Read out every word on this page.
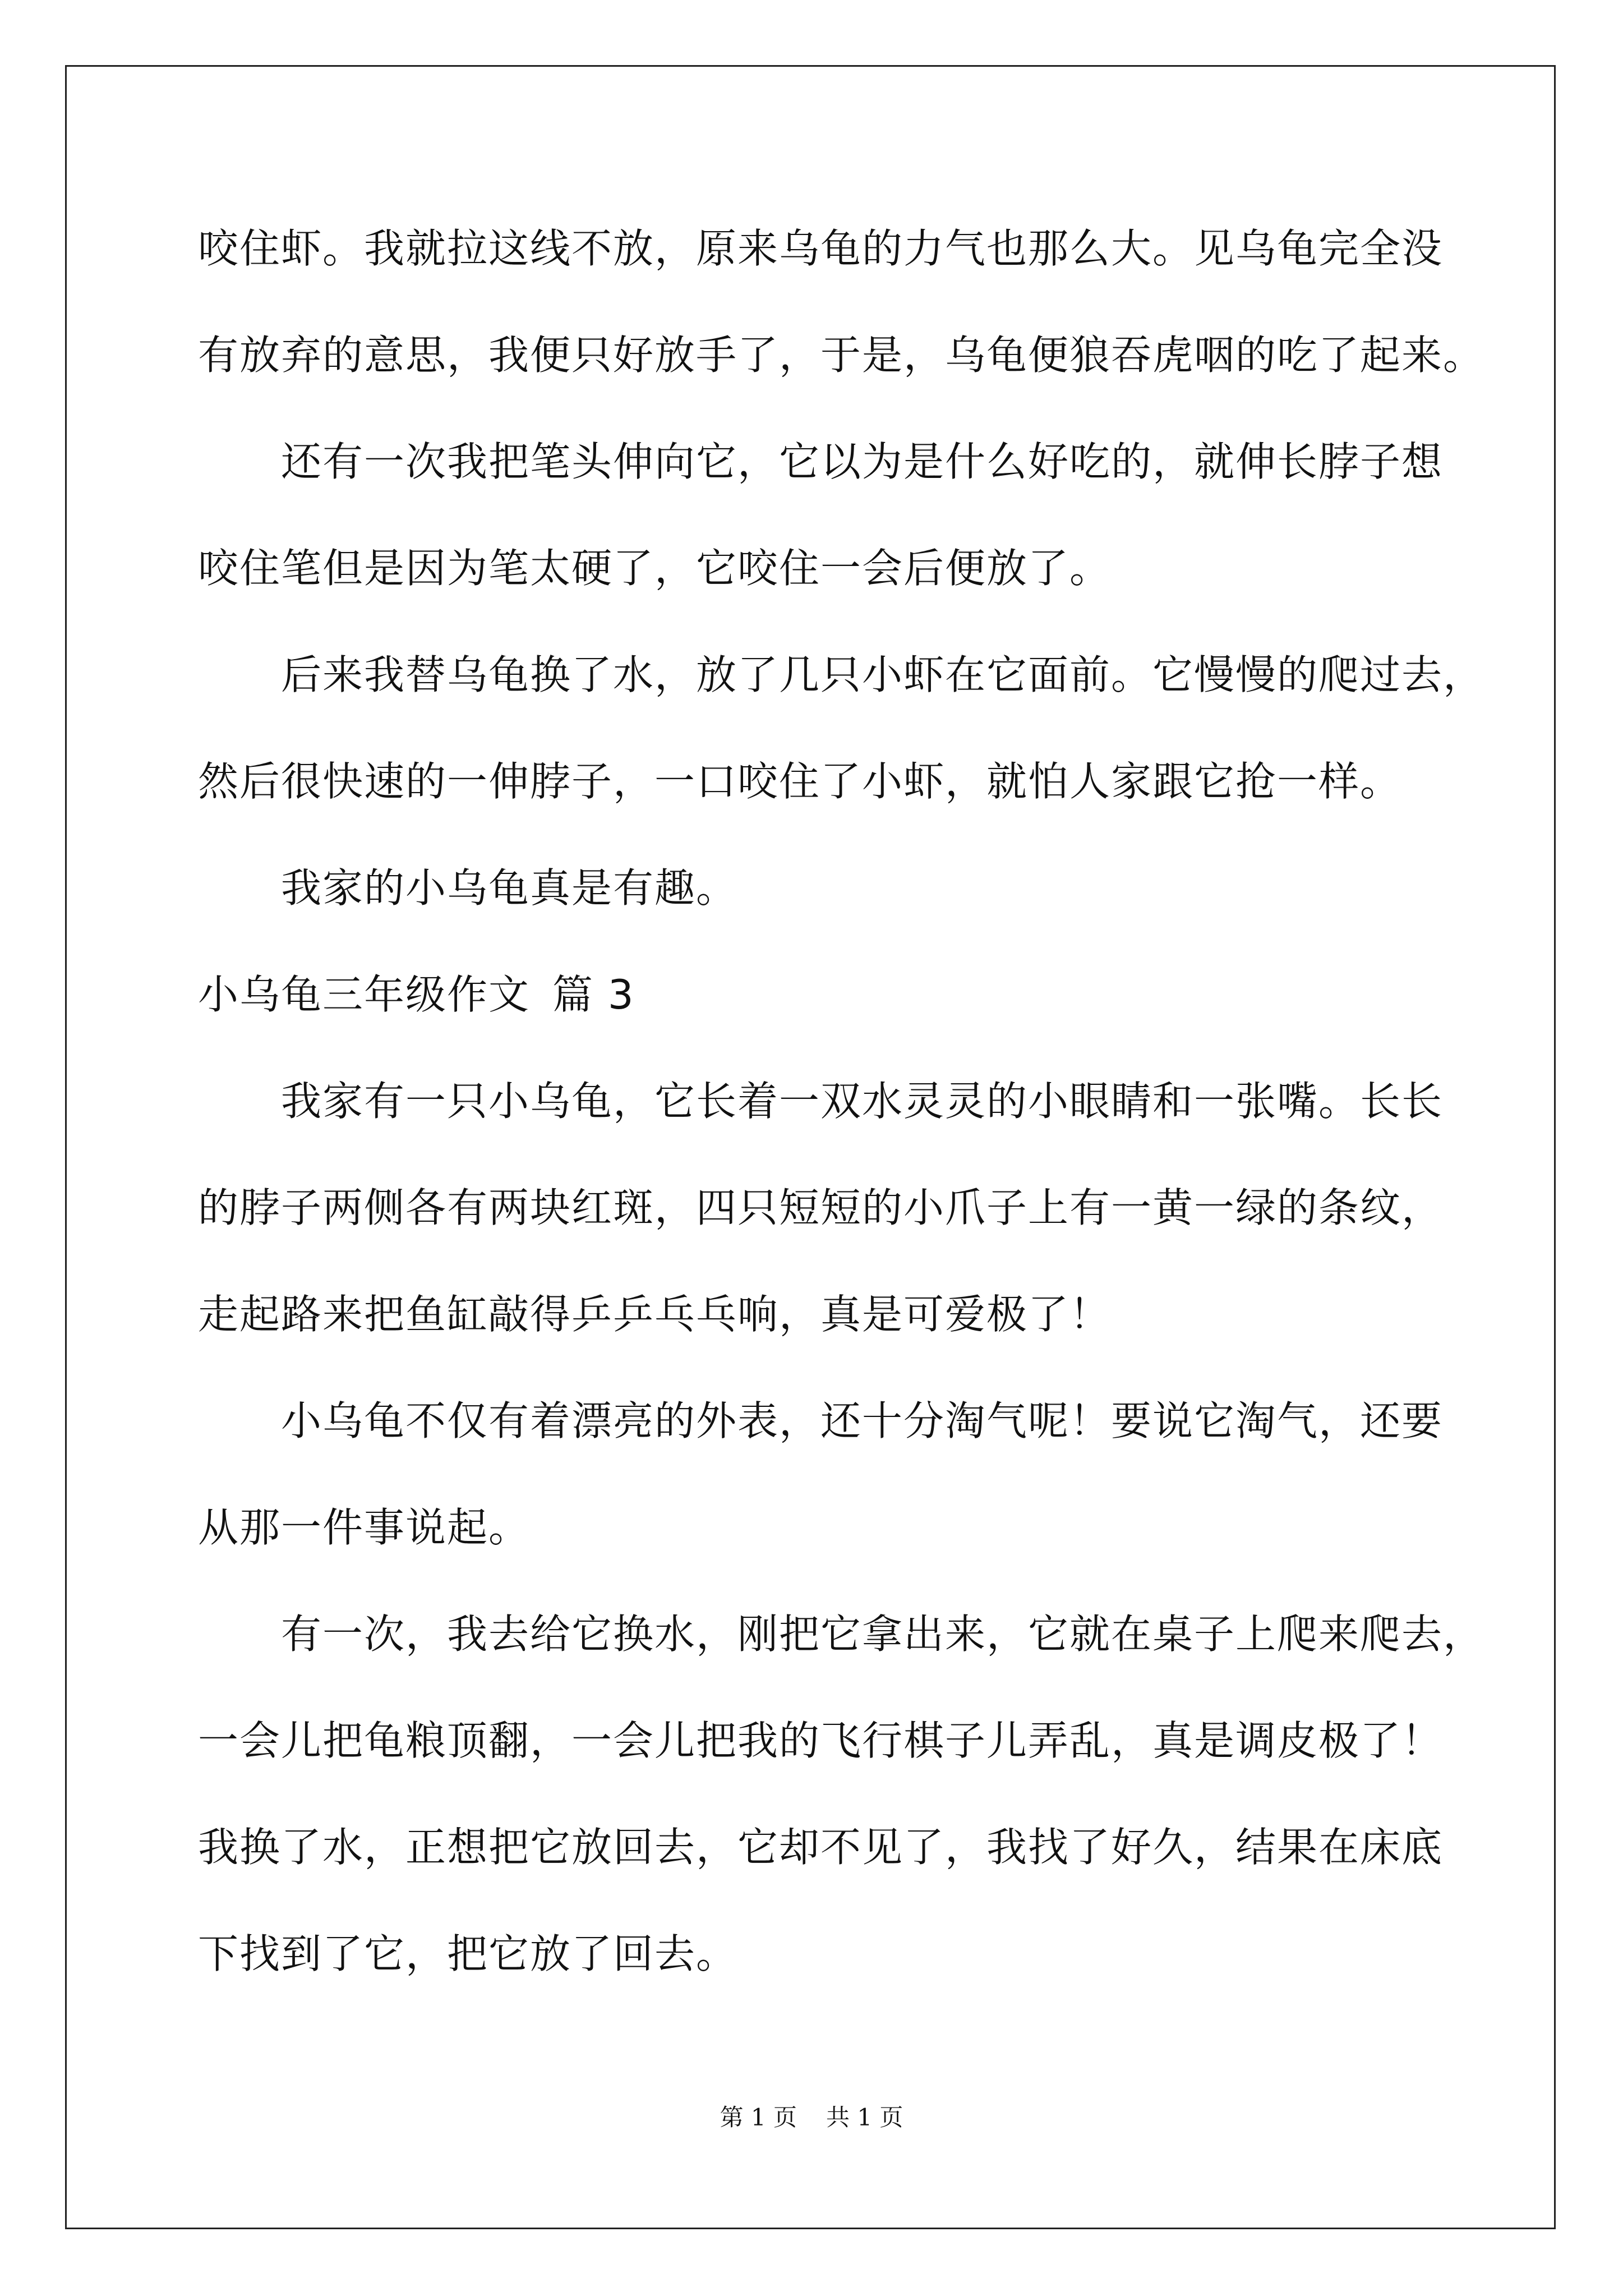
咬住虾。我就拉这线不放，原来乌龟的力气也那么大。见乌龟完全没
有放弃的意思，我便只好放手了，于是，乌龟便狼吞虎咽的吃了起来。
还有一次我把笔头伸向它，它以为是什么好吃的，就伸长脖子想
咬住笔但是因为笔太硬了，它咬住一会后便放了。
后来我替乌龟换了水，放了几只小虾在它面前。它慢慢的爬过去，
然后很快速的一伸脖子，一口咬住了小虾，就怕人家跟它抢一样。
我家的小乌龟真是有趣。
小乌龟三年级作文 篇 3
我家有一只小乌龟，它长着一双水灵灵的小眼睛和一张嘴。长长
的脖子两侧各有两块红斑，四只短短的小爪子上有一黄一绿的条纹，
走起路来把鱼缸敲得乒乒乓乓响，真是可爱极了！
小乌龟不仅有着漂亮的外表，还十分淘气呢！要说它淘气，还要
从那一件事说起。
有一次，我去给它换水，刚把它拿出来，它就在桌子上爬来爬去，
一会儿把龟粮顶翻，一会儿把我的飞行棋子儿弄乱，真是调皮极了！
我换了水，正想把它放回去，它却不见了，我找了好久，结果在床底
下找到了它，把它放了回去。
第 1 页 共 1 页
